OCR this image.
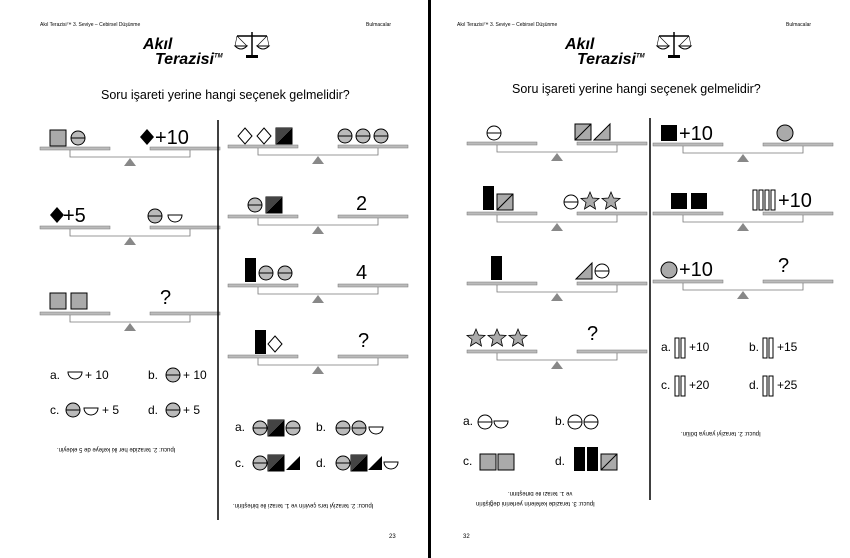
Akıl Terazisi™ 3. Seviye – Cebirsel Düşünme	Bulmacalar
Akıl
Terazisi™
Soru işareti yerine hangi seçenek gelmelidir?
+10
+5
?
a. + 10	b. + 10
c.	+ 5 d. + 5
İpucu: 2. terazide her iki kefeye de 5 ekleyin.
2
4
?
a.	b.
c.	d.
İpucu: 2. teraziyi ters çevirin ve 1. terazi ile birleştirin.
23
Akıl Terazisi™ 3. Seviye – Cebirsel Düşünme	Bulmacalar
Akıl
Terazisi™
Soru işareti yerine hangi seçenek gelmelidir?
?
a.	b.
c.	d.
İpucu: 3. terazide kefelerin yerlerini değiştirin
ve 1. terazi ile birleştirin.
+10
+10
+10	?
a. +10	b. +15
c. +20	d. +25
İpucu: 2. teraziyi yarıya bölün.
32
